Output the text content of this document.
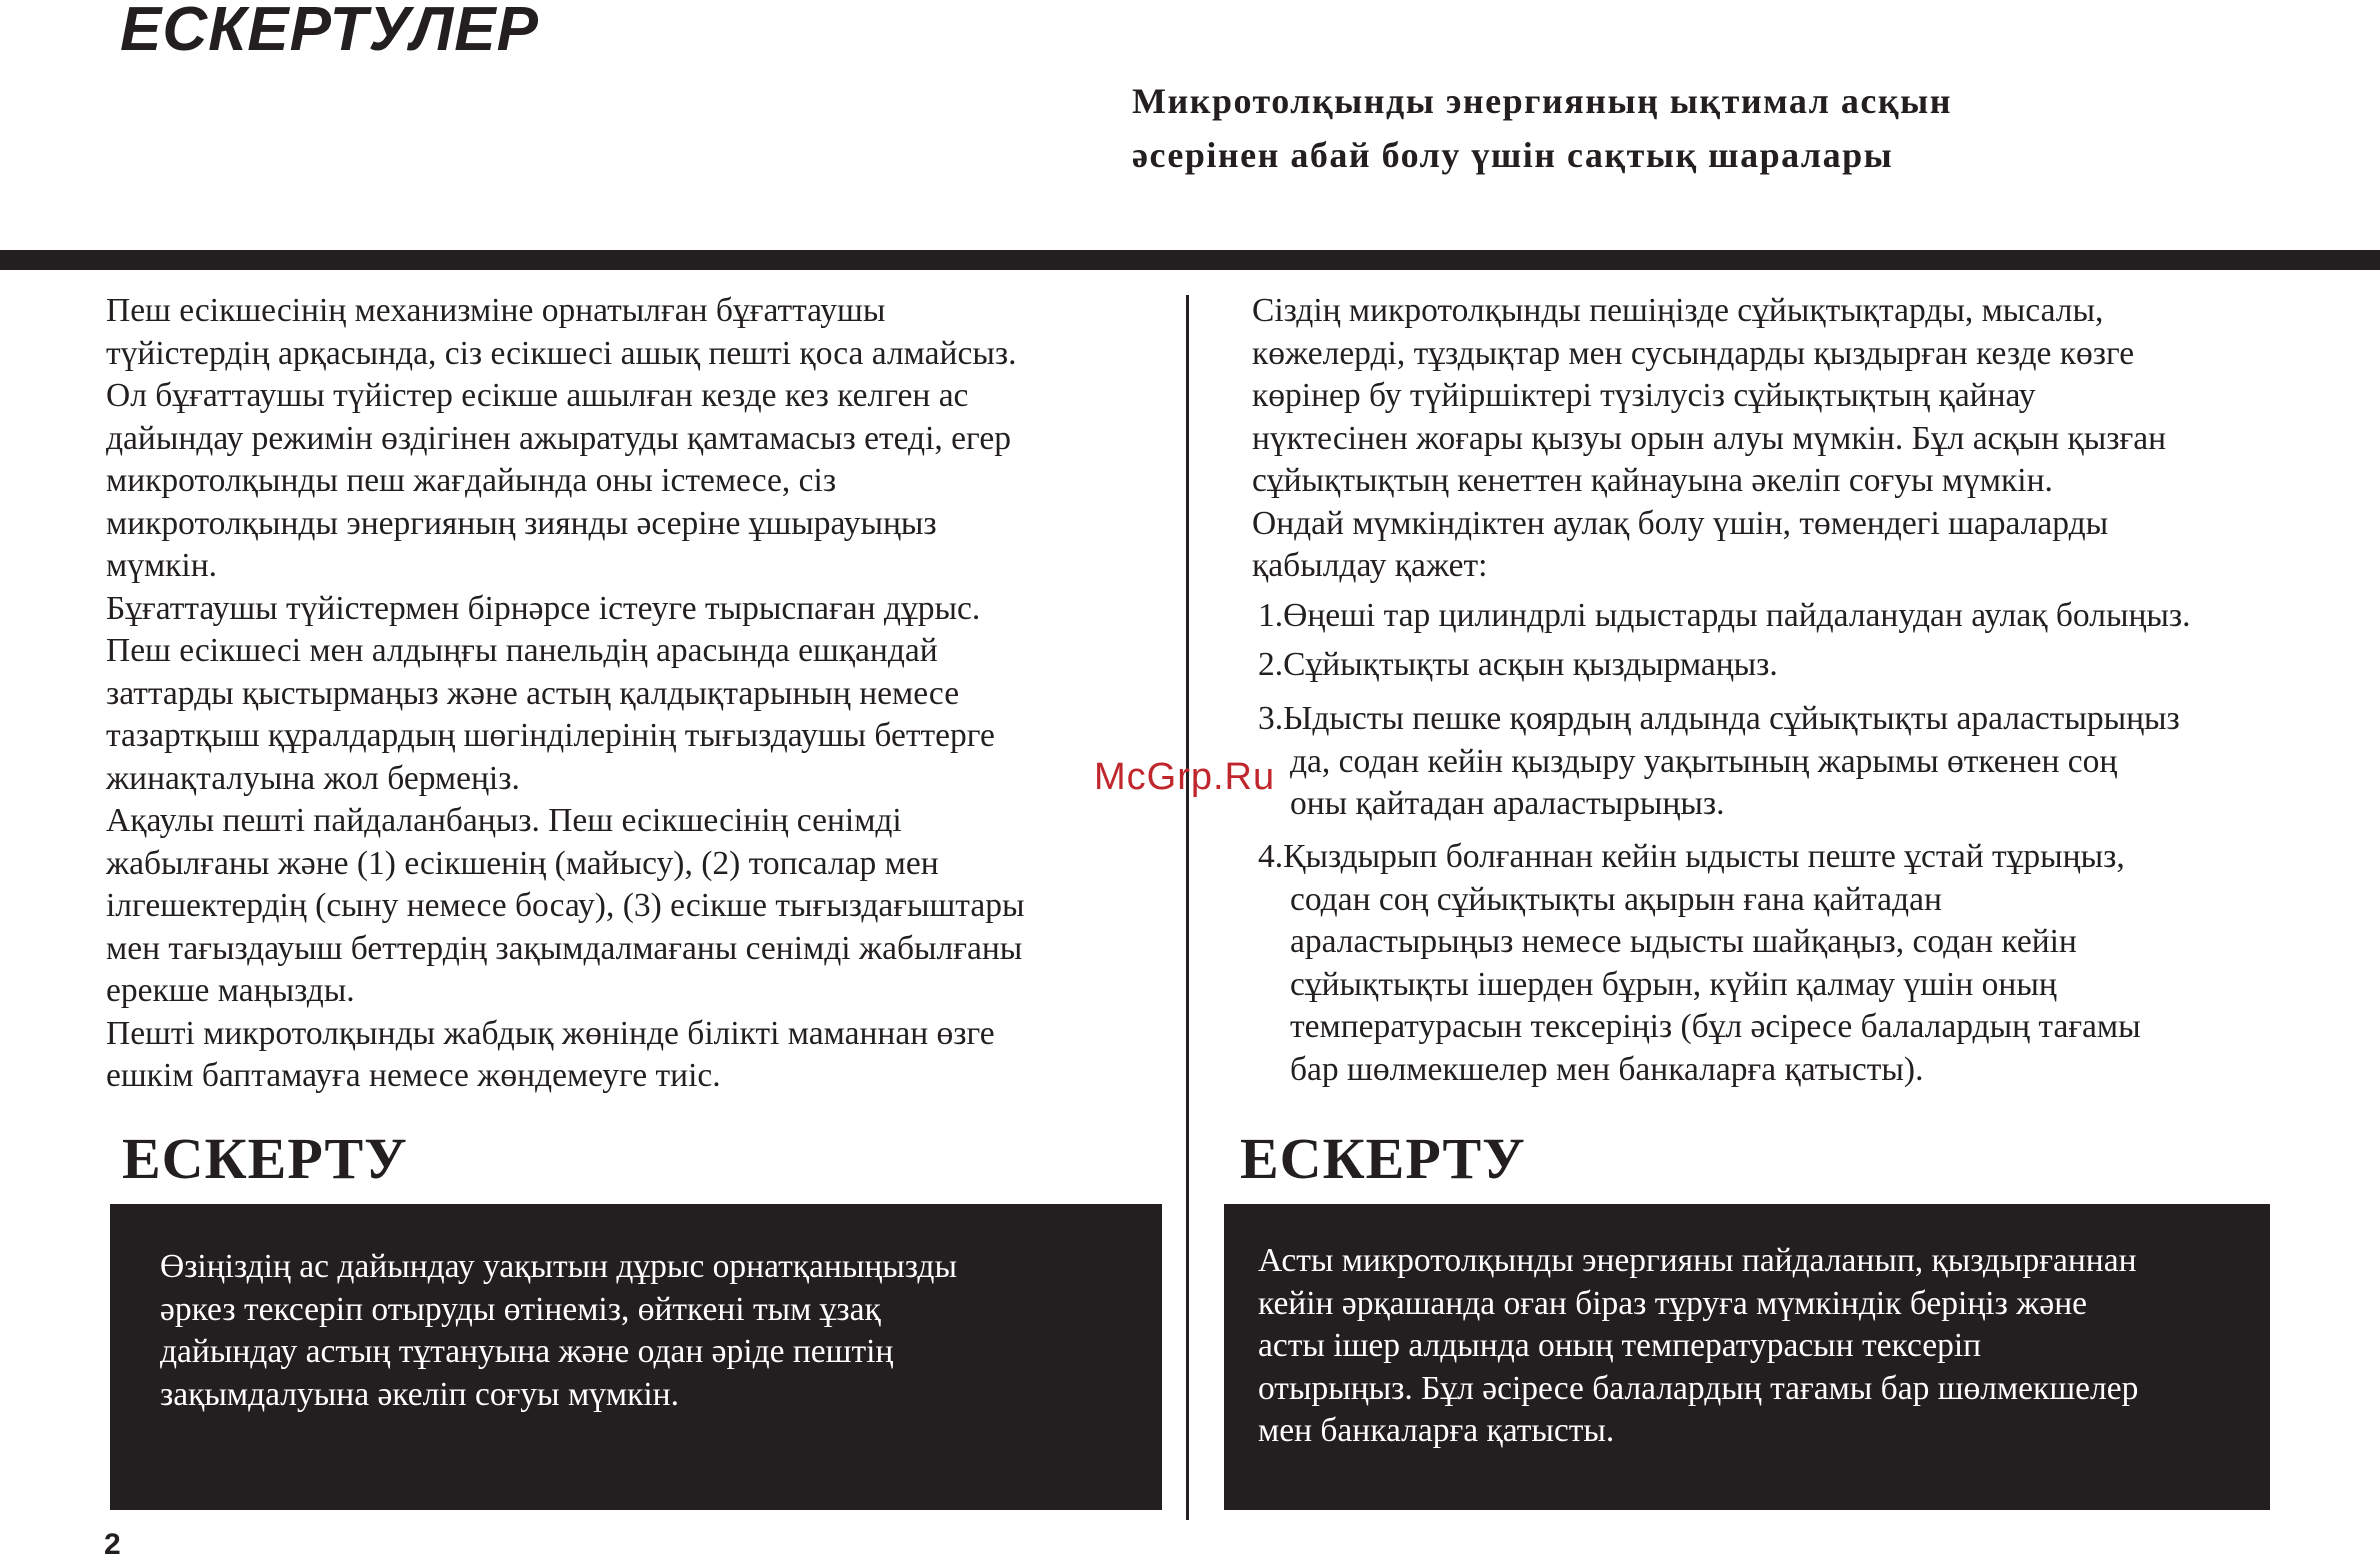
ЕСКЕРТУЛЕР
Микротолқынды энергияның ықтимал асқын
әсерінен абай болу үшін сақтық шаралары
Пеш есікшесінің механизміне орнатылған бұғаттаушы
түйістердің арқасында, сіз есікшесі ашық пешті қоса алмайсыз.
Ол бұғаттаушы түйістер есікше ашылған кезде кез келген ас
дайындау режимін өздігінен ажыратуды қамтамасыз етеді, егер
микротолқынды пеш жағдайында оны істемесе, сіз
микротолқынды энергияның зиянды әсеріне ұшырауыңыз
мүмкін.
Бұғаттаушы түйістермен бірнәрсе істеуге тырыспаған дұрыс.
Пеш есікшесі мен алдыңғы панельдің арасында ешқандай
заттарды қыстырмаңыз және астың қалдықтарының немесе
тазартқыш құралдардың шөгінділерінің тығыздаушы беттерге
жинақталуына жол бермеңіз.
Ақаулы пешті пайдаланбаңыз. Пеш есікшесінің сенімді
жабылғаны және (1) есікшенің (майысу), (2) топсалар мен
ілгешектердің (сыну немесе босау), (3) есікше тығыздағыштары
мен тағыздауыш беттердің зақымдалмағаны сенімді жабылғаны
ерекше маңызды.
Пешті микротолқынды жабдық жөнінде білікті маманнан өзге
ешкім баптамауға немесе жөндемеуге тиіс.
Сіздің микротолқынды пешіңізде сұйықтықтарды, мысалы,
көжелерді, тұздықтар мен сусындарды қыздырған кезде көзге
көрінер бу түйіршіктері түзілусіз сұйықтықтың қайнау
нүктесінен жоғары қызуы орын алуы мүмкін. Бұл асқын қызған
сұйықтықтың кенеттен қайнауына әкеліп соғуы мүмкін.
Ондай мүмкіндіктен аулақ болу үшін, төмендегі шараларды
қабылдау қажет:
1.Өңеші тар цилиндрлі ыдыстарды пайдаланудан аулақ болыңыз.
2.Сұйықтықты асқын қыздырмаңыз.
3.Ыдысты пешке қоярдың алдында сұйықтықты араластырыңыз
да, содан кейін қыздыру уақытының жарымы өткенен соң
оны қайтадан араластырыңыз.
4.Қыздырып болғаннан кейін ыдысты пеште ұстай тұрыңыз,
содан соң сұйықтықты ақырын ғана қайтадан
араластырыңыз немесе ыдысты шайқаңыз, содан кейін
сұйықтықты ішерден бұрын, күйіп қалмау үшін оның
температурасын тексеріңіз (бұл әсіресе балалардың тағамы
бар шөлмекшелер мен банкаларға қатысты).
ЕСКЕРТУ	ЕСКЕРТУ
Өзіңіздің ас дайындау уақытын дұрыс орнатқаныңызды
әркез тексеріп отыруды өтінеміз, өйткені тым ұзақ
дайындау астың тұтануына және одан әріде пештің
зақымдалуына әкеліп соғуы мүмкін.
Асты микротолқынды энергияны пайдаланып, қыздырғаннан
кейін әрқашанда оған біраз тұруға мүмкіндік беріңіз және
асты ішер алдында оның температурасын тексеріп
отырыңыз. Бұл әсіресе балалардың тағамы бар шөлмекшелер
мен банкаларға қатысты.
McGrp.Ru
2
